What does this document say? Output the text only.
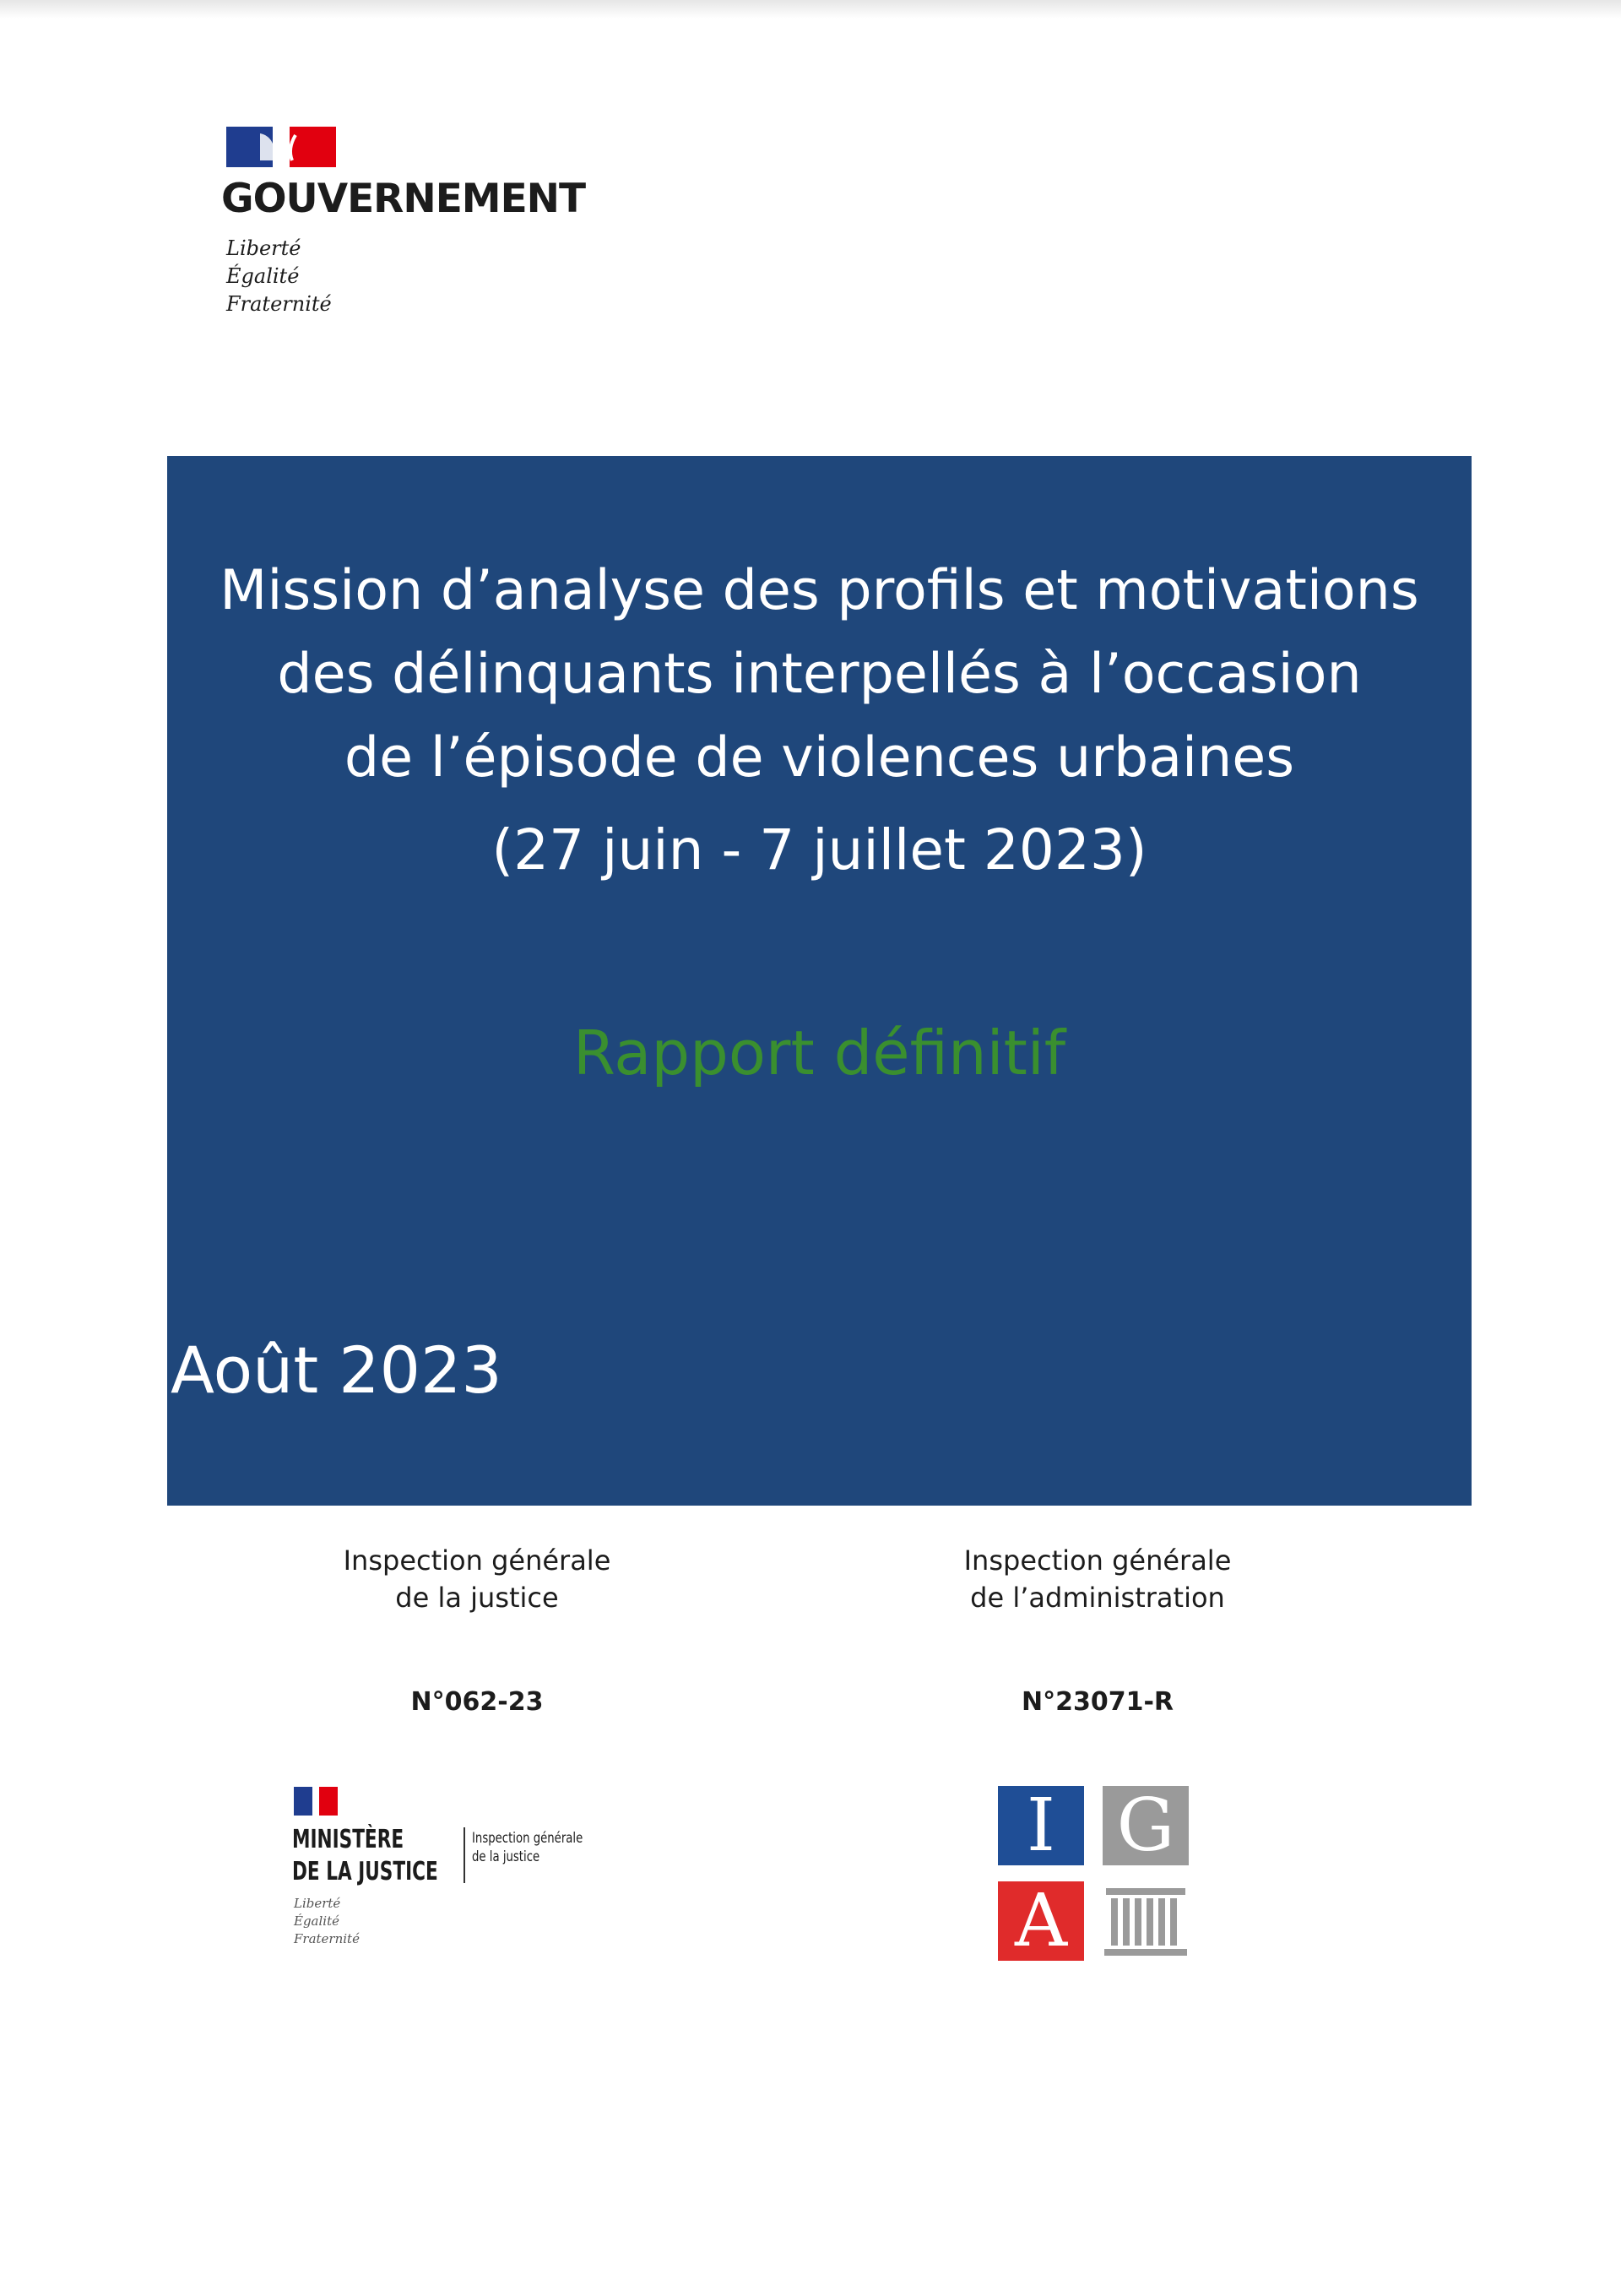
GOUVERNEMENT
Liberté
Égalité
Fraternité
Mission d’analyse des profils et motivations
des délinquants interpellés à l’occasion
de l’épisode de violences urbaines
(27 juin - 7 juillet 2023)
Rapport définitif
Août 2023
Inspection générale
de la justice
Inspection générale
de l’administration
N°062-23	N°23071-R
MINISTÈRE
DE LA JUSTICE
Liberté
Égalité
Fraternité
Inspection générale
de la justice	I G
A
